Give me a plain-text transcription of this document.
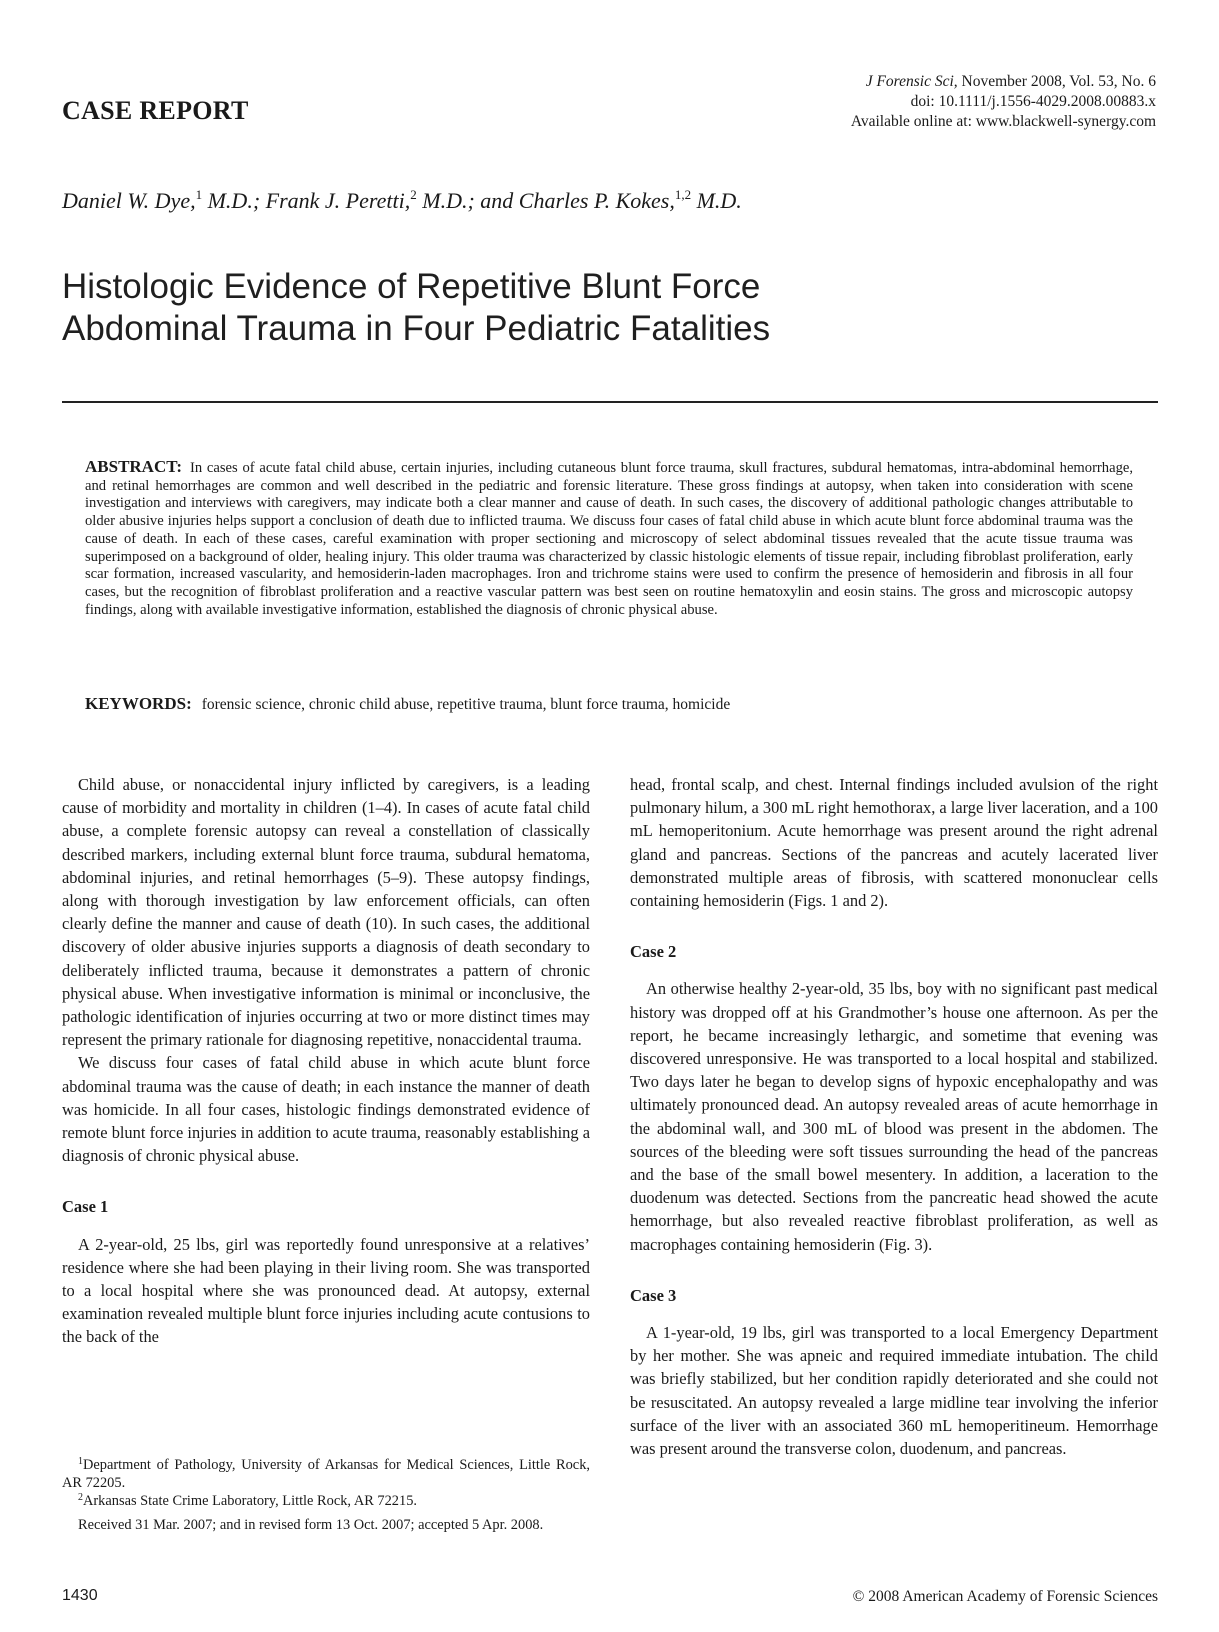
CASE REPORT
J Forensic Sci, November 2008, Vol. 53, No. 6
doi: 10.1111/j.1556-4029.2008.00883.x
Available online at: www.blackwell-synergy.com
Daniel W. Dye,$^1$ M.D.; Frank J. Peretti,$^2$ M.D.; and Charles P. Kokes,$^{1,2}$ M.D.
Histologic Evidence of Repetitive Blunt Force
Abdominal Trauma in Four Pediatric Fatalities
ABSTRACT: In cases of acute fatal child abuse, certain injuries, including cutaneous blunt force trauma, skull fractures, subdural hematomas, intra-abdominal hemorrhage, and retinal hemorrhages are common and well described in the pediatric and forensic literature. These gross findings at autopsy, when taken into consideration with scene investigation and interviews with caregivers, may indicate both a clear manner and cause of death. In such cases, the discovery of additional pathologic changes attributable to older abusive injuries helps support a conclusion of death due to inflicted trauma. We discuss four cases of fatal child abuse in which acute blunt force abdominal trauma was the cause of death. In each of these cases, careful examination with proper sectioning and microscopy of select abdominal tissues revealed that the acute tissue trauma was superimposed on a background of older, healing injury. This older trauma was characterized by classic histologic elements of tissue repair, including fibroblast proliferation, early scar formation, increased vascularity, and hemosiderin-laden macrophages. Iron and trichrome stains were used to confirm the presence of hemosiderin and fibrosis in all four cases, but the recognition of fibroblast proliferation and a reactive vascular pattern was best seen on routine hematoxylin and eosin stains. The gross and microscopic autopsy findings, along with available investigative information, established the diagnosis of chronic physical abuse.
KEYWORDS: forensic science, chronic child abuse, repetitive trauma, blunt force trauma, homicide

Child abuse, or nonaccidental injury inflicted by caregivers, is a leading cause of morbidity and mortality in children (1–4). In cases of acute fatal child abuse, a complete forensic autopsy can reveal a constellation of classically described markers, including external blunt force trauma, subdural hematoma, abdominal injuries, and retinal hemorrhages (5–9). These autopsy findings, along with thorough investigation by law enforcement officials, can often clearly define the manner and cause of death (10). In such cases, the additional discovery of older abusive injuries supports a diagnosis of death secondary to deliberately inflicted trauma, because it demonstrates a pattern of chronic physical abuse. When investigative information is minimal or inconclusive, the pathologic identification of injuries occurring at two or more distinct times may represent the primary rationale for diagnosing repetitive, nonaccidental trauma.

We discuss four cases of fatal child abuse in which acute blunt force abdominal trauma was the cause of death; in each instance the manner of death was homicide. In all four cases, histologic findings demonstrated evidence of remote blunt force injuries in addition to acute trauma, reasonably establishing a diagnosis of chronic physical abuse.

Case 1

A 2-year-old, 25 lbs, girl was reportedly found unresponsive at a relatives’ residence where she had been playing in their living room. She was transported to a local hospital where she was pronounced dead. At autopsy, external examination revealed multiple blunt force injuries including acute contusions to the back of the

head, frontal scalp, and chest. Internal findings included avulsion of the right pulmonary hilum, a 300 mL right hemothorax, a large liver laceration, and a 100 mL hemoperitonium. Acute hemorrhage was present around the right adrenal gland and pancreas. Sections of the pancreas and acutely lacerated liver demonstrated multiple areas of fibrosis, with scattered mononuclear cells containing hemosiderin (Figs. 1 and 2).

Case 2

An otherwise healthy 2-year-old, 35 lbs, boy with no significant past medical history was dropped off at his Grandmother’s house one afternoon. As per the report, he became increasingly lethargic, and sometime that evening was discovered unresponsive. He was transported to a local hospital and stabilized. Two days later he began to develop signs of hypoxic encephalopathy and was ultimately pronounced dead. An autopsy revealed areas of acute hemorrhage in the abdominal wall, and 300 mL of blood was present in the abdomen. The sources of the bleeding were soft tissues surrounding the head of the pancreas and the base of the small bowel mesentery. In addition, a laceration to the duodenum was detected. Sections from the pancreatic head showed the acute hemorrhage, but also revealed reactive fibroblast proliferation, as well as macrophages containing hemosiderin (Fig. 3).

Case 3

A 1-year-old, 19 lbs, girl was transported to a local Emergency Department by her mother. She was apneic and required immediate intubation. The child was briefly stabilized, but her condition rapidly deteriorated and she could not be resuscitated. An autopsy revealed a large midline tear involving the inferior surface of the liver with an associated 360 mL hemoperitineum. Hemorrhage was present around the transverse colon, duodenum, and pancreas.

$^1$Department of Pathology, University of Arkansas for Medical Sciences, Little Rock, AR 72205.

$^2$Arkansas State Crime Laboratory, Little Rock, AR 72215.

Received 31 Mar. 2007; and in revised form 13 Oct. 2007; accepted 5 Apr. 2008.

1430	© 2008 American Academy of Forensic Sciences
